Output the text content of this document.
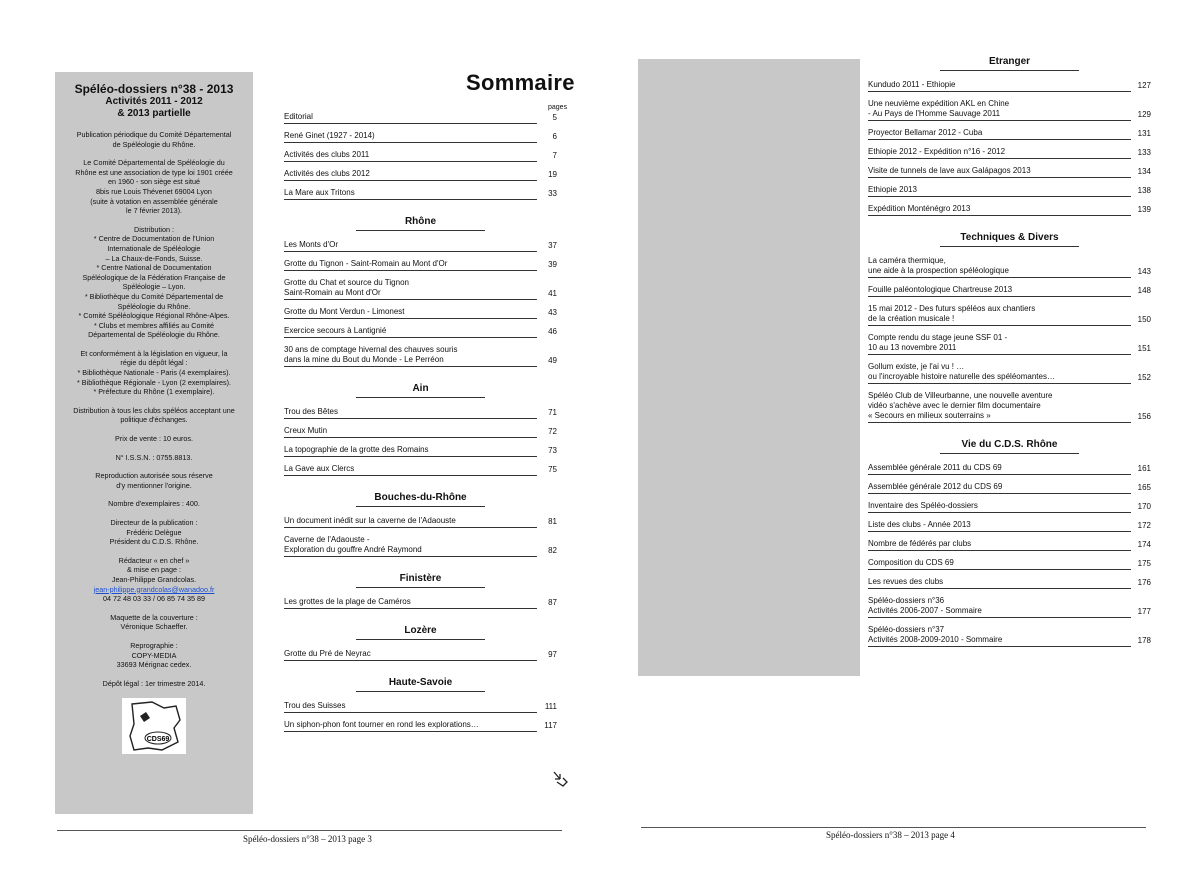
Spéléo-dossiers n°38 - 2013
Activités 2011 - 2012
& 2013 partielle

Publication périodique du Comité Départemental
de Spéléologie du Rhône.

Le Comité Départemental de Spéléologie du
Rhône est une association de type loi 1901 créée
en 1960 - son siège est situé
8bis rue Louis Thévenet 69004 Lyon
(suite à votation en assemblée générale
le 7 février 2013).

Distribution :
* Centre de Documentation de l'Union
Internationale de Spéléologie
– La Chaux-de-Fonds, Suisse.
* Centre National de Documentation
Spéléologique de la Fédération Française de
Spéléologie – Lyon.
* Bibliothèque du Comité Départemental de
Spéléologie du Rhône.
* Comité Spéléologique Régional Rhône-Alpes.
* Clubs et membres affiliés au Comité
Départemental de Spéléologie du Rhône.

Et conformément à la législation en vigueur, la
régie du dépôt légal :
* Bibliothèque Nationale - Paris (4 exemplaires).
* Bibliothèque Régionale - Lyon (2 exemplaires).
* Préfecture du Rhône (1 exemplaire).

Distribution à tous les clubs spéléos acceptant une
politique d'échanges.

Prix de vente : 10 euros.

N° I.S.S.N. : 0755.8813.

Reproduction autorisée sous réserve
d'y mentionner l'origine.

Nombre d'exemplaires : 400.

Directeur de la publication :
Frédéric Delègue
Président du C.D.S. Rhône.

Rédacteur « en chef »
& mise en page :
Jean-Philippe Grandcolas.
jean-philippe.grandcolas@wanadoo.fr
04 72 48 03 33 / 06 85 74 35 89

Maquette de la couverture :
Véronique Schaeffer.

Reprographie :
COPY-MEDIA
33693 Mérignac cedex.

Dépôt légal : 1er trimestre 2014.

CDS69
Sommaire
pages
Editorial	5
René Ginet (1927 - 2014)	6
Activités des clubs 2011	7
Activités des clubs 2012	19
La Mare aux Tritons	33
Rhône
Les Monts d'Or	37
Grotte du Tignon - Saint-Romain au Mont d'Or	39
Grotte du Chat et source du Tignon
Saint-Romain au Mont d'Or	41
Grotte du Mont Verdun - Limonest	43
Exercice secours à Lantignié	46
30 ans de comptage hivernal des chauves souris
dans la mine du Bout du Monde - Le Perréon	49
Ain
Trou des Bêtes	71
Creux Mutin	72
La topographie de la grotte des Romains	73
La Gave aux Clercs	75
Bouches-du-Rhône
Un document inédit sur la caverne de l'Adaouste	81
Caverne de l'Adaouste -
Exploration du gouffre André Raymond	82
Finistère
Les grottes de la plage de Caméros	87
Lozère
Grotte du Pré de Neyrac	97
Haute-Savoie
Trou des Suisses	111
Un siphon-phon font tourner en rond les explorations…	117
Etranger
Kundudo 2011 - Ethiopie	127
Une neuvième expédition AKL en Chine
- Au Pays de l'Homme Sauvage 2011	129
Proyector Bellamar 2012 - Cuba	131
Ethiopie 2012 - Expédition n°16 - 2012	133
Visite de tunnels de lave aux Galápagos 2013	134
Ethiopie 2013	138
Expédition Monténégro 2013	139
Techniques & Divers
La caméra thermique,
une aide à la prospection spéléologique	143
Fouille paléontologique Chartreuse 2013	148
15 mai 2012 - Des futurs spéléos aux chantiers
de la création musicale !	150
Compte rendu du stage jeune SSF 01 -
10 au 13 novembre 2011	151
Gollum existe, je l'ai vu ! …
ou l'incroyable histoire naturelle des spéléomantes…	152
Spéléo Club de Villeurbanne, une nouvelle aventure
vidéo s'achève avec le dernier film documentaire
« Secours en milieux souterrains »	156
Vie du C.D.S. Rhône
Assemblée générale 2011 du CDS 69	161
Assemblée générale 2012 du CDS 69	165
Inventaire des Spéléo-dossiers	170
Liste des clubs - Année 2013	172
Nombre de fédérés par clubs	174
Composition du CDS 69	175
Les revues des clubs	176
Spéléo-dossiers n°36
Activités 2006-2007 - Sommaire	177
Spéléo-dossiers n°37
Activités 2008-2009-2010 - Sommaire	178
Spéléo-dossiers n°38 – 2013 page 3	Spéléo-dossiers n°38 – 2013 page 4
